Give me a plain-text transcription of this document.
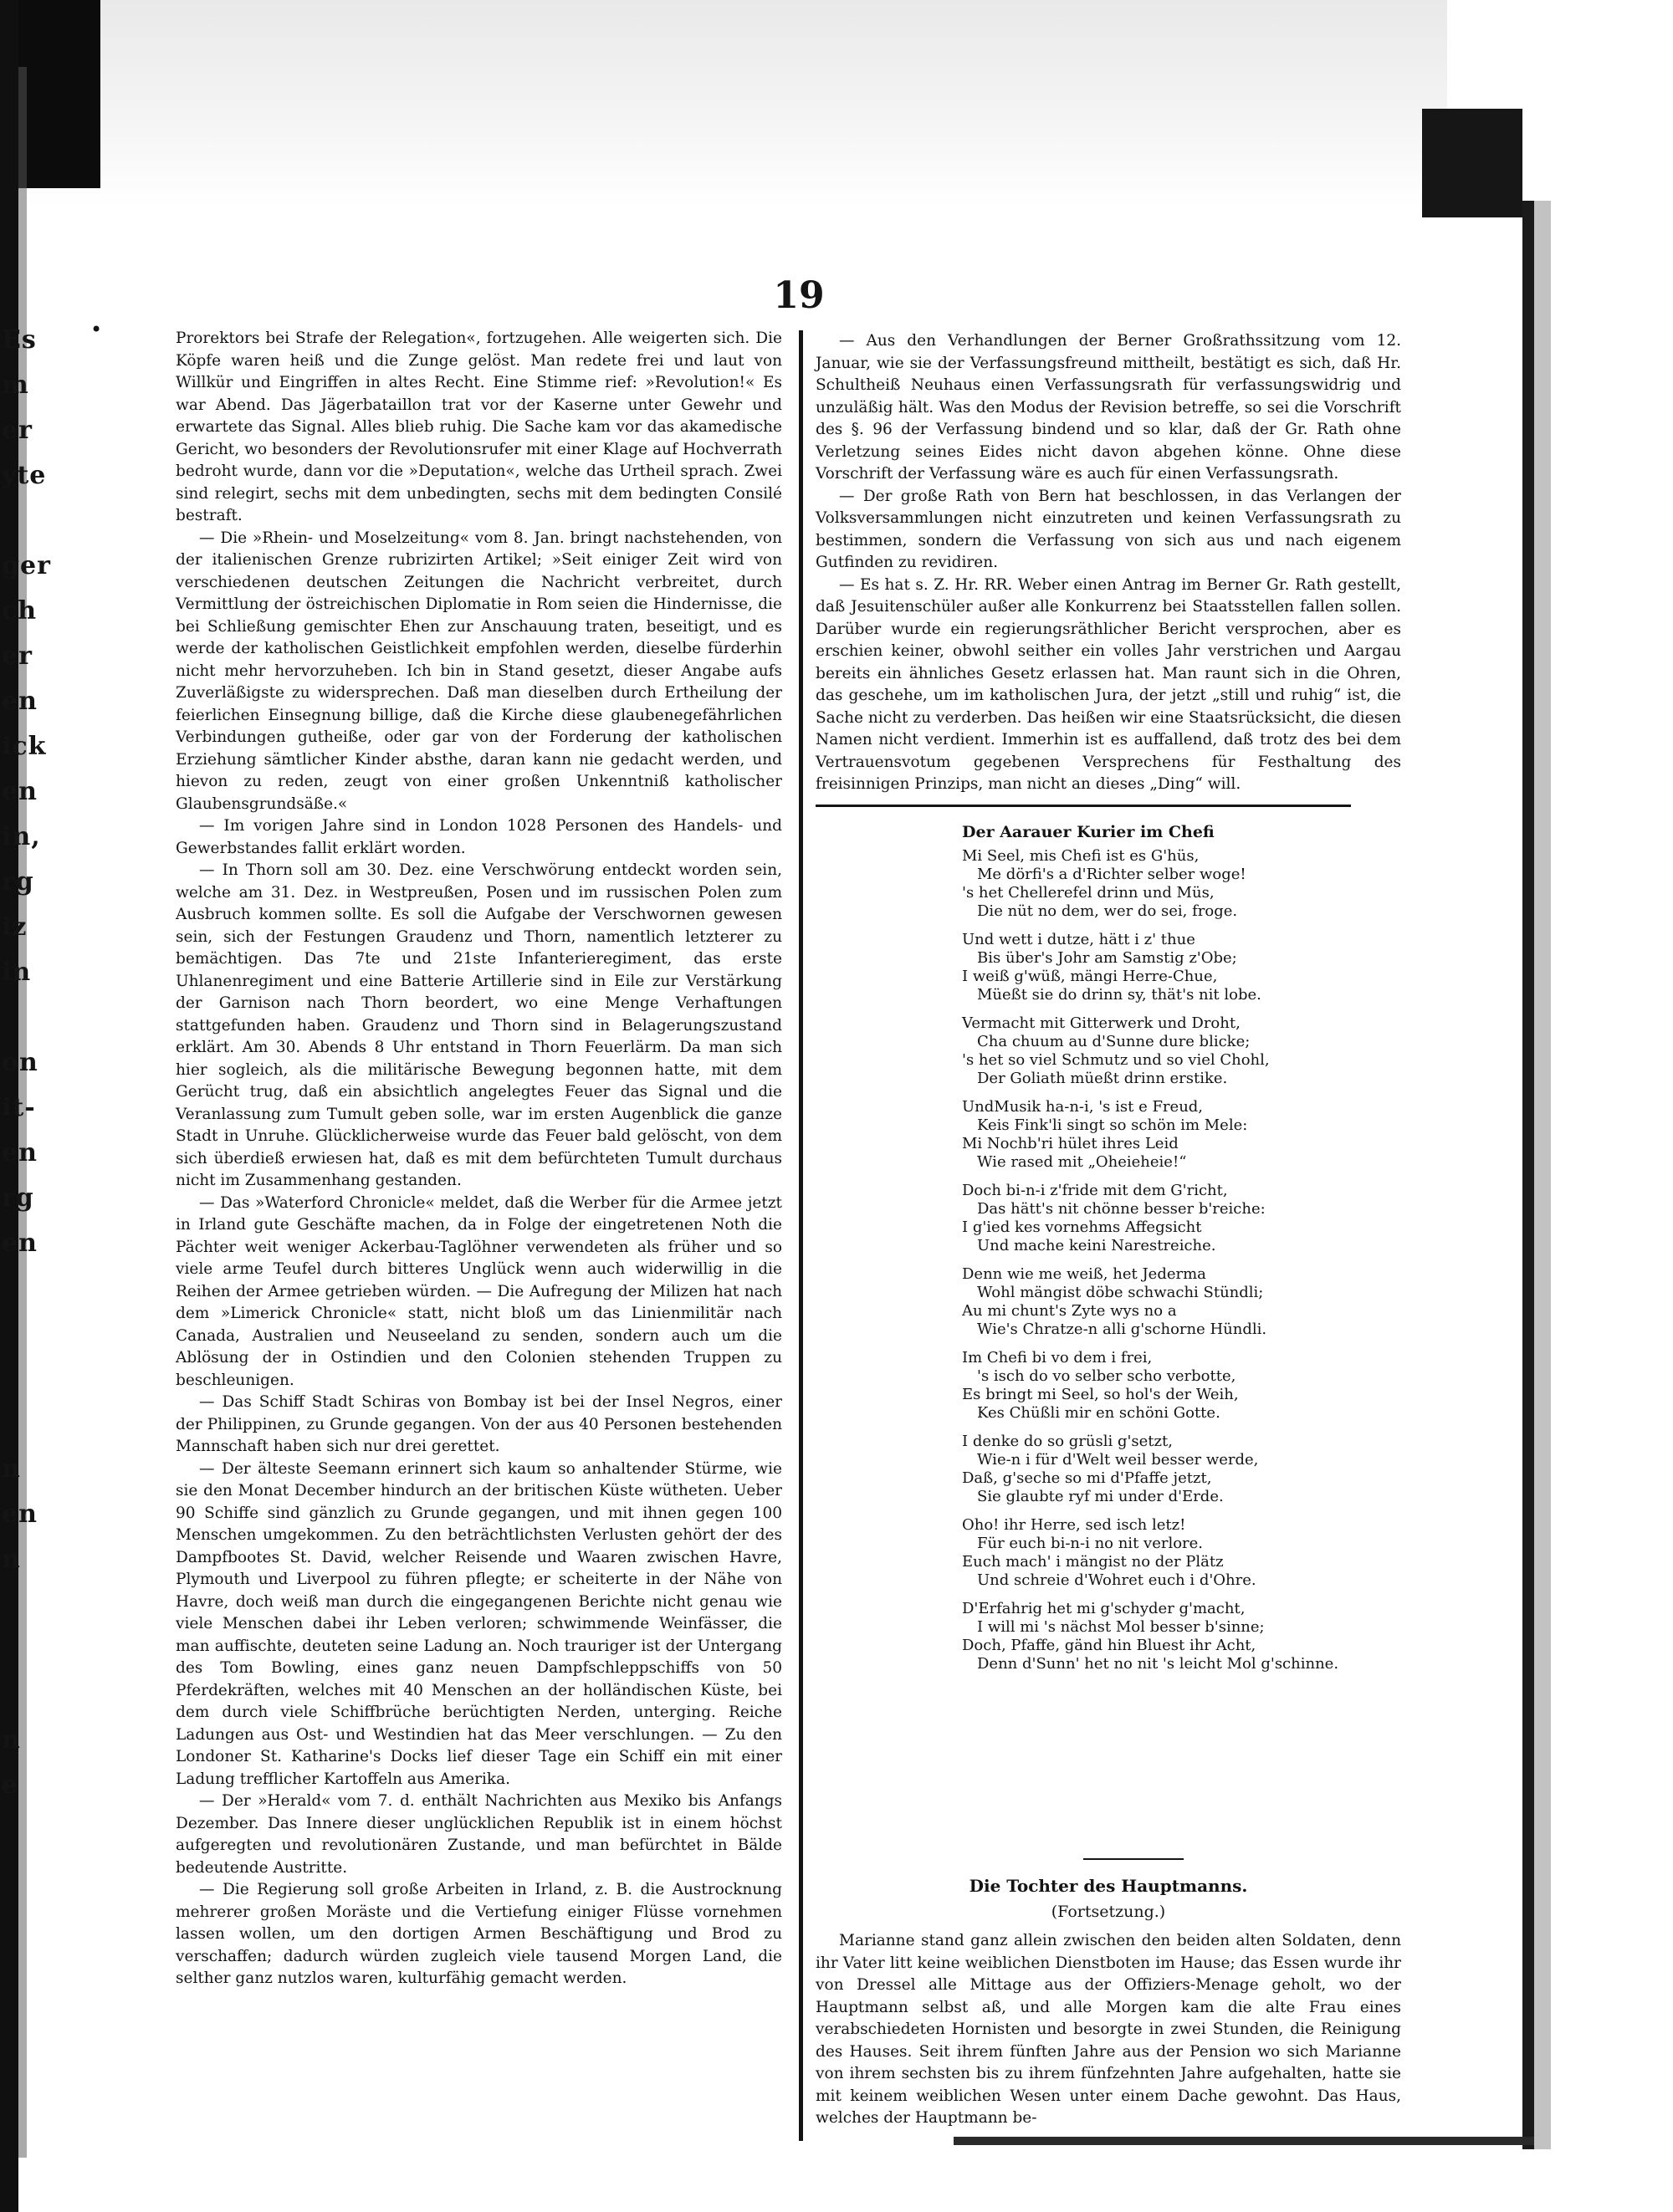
Es
m
er
yte

ger
ch
er
en
ick
en
in,
rg
iz
in

on
it-
en
rg
en

n
en
n

n
e

19
•	Prorektors bei Strafe der Relegation«, fortzugehen. Alle weigerten sich. Die Köpfe waren heiß und die Zunge gelöst. Man redete frei und laut von Willkür und Eingriffen in altes Recht. Eine Stimme rief: »Revolution!« Es war Abend. Das Jägerbataillon trat vor der Kaserne unter Gewehr und erwartete das Signal. Alles blieb ruhig. Die Sache kam vor das akamedische Gericht, wo besonders der Revolutionsrufer mit einer Klage auf Hochverrath bedroht wurde, dann vor die »Deputation«, welche das Urtheil sprach. Zwei sind relegirt, sechs mit dem unbedingten, sechs mit dem bedingten Consilé bestraft.

— Die »Rhein- und Moselzeitung« vom 8. Jan. bringt nachstehenden, von der italienischen Grenze rubrizirten Artikel; »Seit einiger Zeit wird von verschiedenen deutschen Zeitungen die Nachricht verbreitet, durch Vermittlung der östreichischen Diplomatie in Rom seien die Hindernisse, die bei Schließung gemischter Ehen zur Anschauung traten, beseitigt, und es werde der katholischen Geistlichkeit empfohlen werden, dieselbe fürderhin nicht mehr hervorzuheben. Ich bin in Stand gesetzt, dieser Angabe aufs Zuverläßigste zu widersprechen. Daß man dieselben durch Ertheilung der feierlichen Einsegnung billige, daß die Kirche diese glaubenegefährlichen Verbindungen gutheiße, oder gar von der Forderung der katholischen Erziehung sämtlicher Kinder absthe, daran kann nie gedacht werden, und hievon zu reden, zeugt von einer großen Unkenntniß katholischer Glaubensgrundsäße.«

— Im vorigen Jahre sind in London 1028 Personen des Handels- und Gewerbstandes fallit erklärt worden.

— In Thorn soll am 30. Dez. eine Verschwörung entdeckt worden sein, welche am 31. Dez. in Westpreußen, Posen und im russischen Polen zum Ausbruch kommen sollte. Es soll die Aufgabe der Verschwornen gewesen sein, sich der Festungen Graudenz und Thorn, namentlich letzterer zu bemächtigen. Das 7te und 21ste Infanterieregiment, das erste Uhlanenregiment und eine Batterie Artillerie sind in Eile zur Verstärkung der Garnison nach Thorn beordert, wo eine Menge Verhaftungen stattgefunden haben. Graudenz und Thorn sind in Belagerungszustand erklärt. Am 30. Abends 8 Uhr entstand in Thorn Feuerlärm. Da man sich hier sogleich, als die militärische Bewegung begonnen hatte, mit dem Gerücht trug, daß ein absichtlich angelegtes Feuer das Signal und die Veranlassung zum Tumult geben solle, war im ersten Augenblick die ganze Stadt in Unruhe. Glücklicherweise wurde das Feuer bald gelöscht, von dem sich überdieß erwiesen hat, daß es mit dem befürchteten Tumult durchaus nicht im Zusammenhang gestanden.

— Das »Waterford Chronicle« meldet, daß die Werber für die Armee jetzt in Irland gute Geschäfte machen, da in Folge der eingetretenen Noth die Pächter weit weniger Ackerbau-Taglöhner verwendeten als früher und so viele arme Teufel durch bitteres Unglück wenn auch widerwillig in die Reihen der Armee getrieben würden. — Die Aufregung der Milizen hat nach dem »Limerick Chronicle« statt, nicht bloß um das Linienmilitär nach Canada, Australien und Neuseeland zu senden, sondern auch um die Ablösung der in Ostindien und den Colonien stehenden Truppen zu beschleunigen.

— Das Schiff Stadt Schiras von Bombay ist bei der Insel Negros, einer der Philippinen, zu Grunde gegangen. Von der aus 40 Personen bestehenden Mannschaft haben sich nur drei gerettet.

— Der älteste Seemann erinnert sich kaum so anhaltender Stürme, wie sie den Monat December hindurch an der britischen Küste wütheten. Ueber 90 Schiffe sind gänzlich zu Grunde gegangen, und mit ihnen gegen 100 Menschen umgekommen. Zu den beträchtlichsten Verlusten gehört der des Dampfbootes St. David, welcher Reisende und Waaren zwischen Havre, Plymouth und Liverpool zu führen pflegte; er scheiterte in der Nähe von Havre, doch weiß man durch die eingegangenen Berichte nicht genau wie viele Menschen dabei ihr Leben verloren; schwimmende Weinfässer, die man auffischte, deuteten seine Ladung an. Noch trauriger ist der Untergang des Tom Bowling, eines ganz neuen Dampfschleppschiffs von 50 Pferdekräften, welches mit 40 Menschen an der holländischen Küste, bei dem durch viele Schiffbrüche berüchtigten Nerden, unterging. Reiche Ladungen aus Ost- und Westindien hat das Meer verschlungen. — Zu den Londoner St. Katharine's Docks lief dieser Tage ein Schiff ein mit einer Ladung trefflicher Kartoffeln aus Amerika.

— Der »Herald« vom 7. d. enthält Nachrichten aus Mexiko bis Anfangs Dezember. Das Innere dieser unglücklichen Republik ist in einem höchst aufgeregten und revolutionären Zustande, und man befürchtet in Bälde bedeutende Austritte.

— Die Regierung soll große Arbeiten in Irland, z. B. die Austrocknung mehrerer großen Moräste und die Vertiefung einiger Flüsse vornehmen lassen wollen, um den dortigen Armen Beschäftigung und Brod zu verschaffen; dadurch würden zugleich viele tausend Morgen Land, die selther ganz nutzlos waren, kulturfähig gemacht werden.

— Aus den Verhandlungen der Berner Großrathssitzung vom 12. Januar, wie sie der Verfassungsfreund mittheilt, bestätigt es sich, daß Hr. Schultheiß Neuhaus einen Verfassungsrath für verfassungswidrig und unzuläßig hält. Was den Modus der Revision betreffe, so sei die Vorschrift des §. 96 der Verfassung bindend und so klar, daß der Gr. Rath ohne Verletzung seines Eides nicht davon abgehen könne. Ohne diese Vorschrift der Verfassung wäre es auch für einen Verfassungsrath.

— Der große Rath von Bern hat beschlossen, in das Verlangen der Volksversammlungen nicht einzutreten und keinen Verfassungsrath zu bestimmen, sondern die Verfassung von sich aus und nach eigenem Gutfinden zu revidiren.

— Es hat s. Z. Hr. RR. Weber einen Antrag im Berner Gr. Rath gestellt, daß Jesuitenschüler außer alle Konkurrenz bei Staatsstellen fallen sollen. Darüber wurde ein regierungsräthlicher Bericht versprochen, aber es erschien keiner, obwohl seither ein volles Jahr verstrichen und Aargau bereits ein ähnliches Gesetz erlassen hat. Man raunt sich in die Ohren, das geschehe, um im katholischen Jura, der jetzt „still und ruhig“ ist, die Sache nicht zu verderben. Das heißen wir eine Staatsrücksicht, die diesen Namen nicht verdient. Immerhin ist es auffallend, daß trotz des bei dem Vertrauensvotum gegebenen Versprechens für Festhaltung des freisinnigen Prinzips, man nicht an dieses „Ding“ will.

Der Aarauer Kurier im Chefi
Mi Seel, mis Chefi ist es G'hüs,
Me dörfi's a d'Richter selber woge!
's het Chellerefel drinn und Müs,
Die nüt no dem, wer do sei, froge.
Und wett i dutze, hätt i z' thue
Bis über's Johr am Samstig z'Obe;
I weiß g'wüß, mängi Herre-Chue,
Müeßt sie do drinn sy, thät's nit lobe.
Vermacht mit Gitterwerk und Droht,
Cha chuum au d'Sunne dure blicke;
's het so viel Schmutz und so viel Chohl,
Der Goliath müeßt drinn erstike.
UndMusik ha-n-i, 's ist e Freud,
Keis Fink'li singt so schön im Mele:
Mi Nochb'ri hület ihres Leid
Wie rased mit „Oheieheie!“
Doch bi-n-i z'fride mit dem G'richt,
Das hätt's nit chönne besser b'reiche:
I g'ied kes vornehms Affegsicht
Und mache keini Narestreiche.
Denn wie me weiß, het Jederma
Wohl mängist döbe schwachi Stündli;
Au mi chunt's Zyte wys no a
Wie's Chratze-n alli g'schorne Hündli.
Im Chefi bi vo dem i frei,
's isch do vo selber scho verbotte,
Es bringt mi Seel, so hol's der Weih,
Kes Chüßli mir en schöni Gotte.
I denke do so grüsli g'setzt,
Wie-n i für d'Welt weil besser werde,
Daß, g'seche so mi d'Pfaffe jetzt,
Sie glaubte ryf mi under d'Erde.
Oho! ihr Herre, sed isch letz!
Für euch bi-n-i no nit verlore.
Euch mach' i mängist no der Plätz
Und schreie d'Wohret euch i d'Ohre.
D'Erfahrig het mi g'schyder g'macht,
I will mi 's nächst Mol besser b'sinne;
Doch, Pfaffe, gänd hin Bluest ihr Acht,
Denn d'Sunn' het no nit 's leicht Mol g'schinne.
Die Tochter des Hauptmanns.
(Fortsetzung.)

Marianne stand ganz allein zwischen den beiden alten Soldaten, denn ihr Vater litt keine weiblichen Dienstboten im Hause; das Essen wurde ihr von Dressel alle Mittage aus der Offiziers-Menage geholt, wo der Hauptmann selbst aß, und alle Morgen kam die alte Frau eines verabschiedeten Hornisten und besorgte in zwei Stunden, die Reinigung des Hauses. Seit ihrem fünften Jahre aus der Pension wo sich Marianne von ihrem sechsten bis zu ihrem fünfzehnten Jahre aufgehalten, hatte sie mit keinem weiblichen Wesen unter einem Dache gewohnt. Das Haus, welches der Hauptmann be-
